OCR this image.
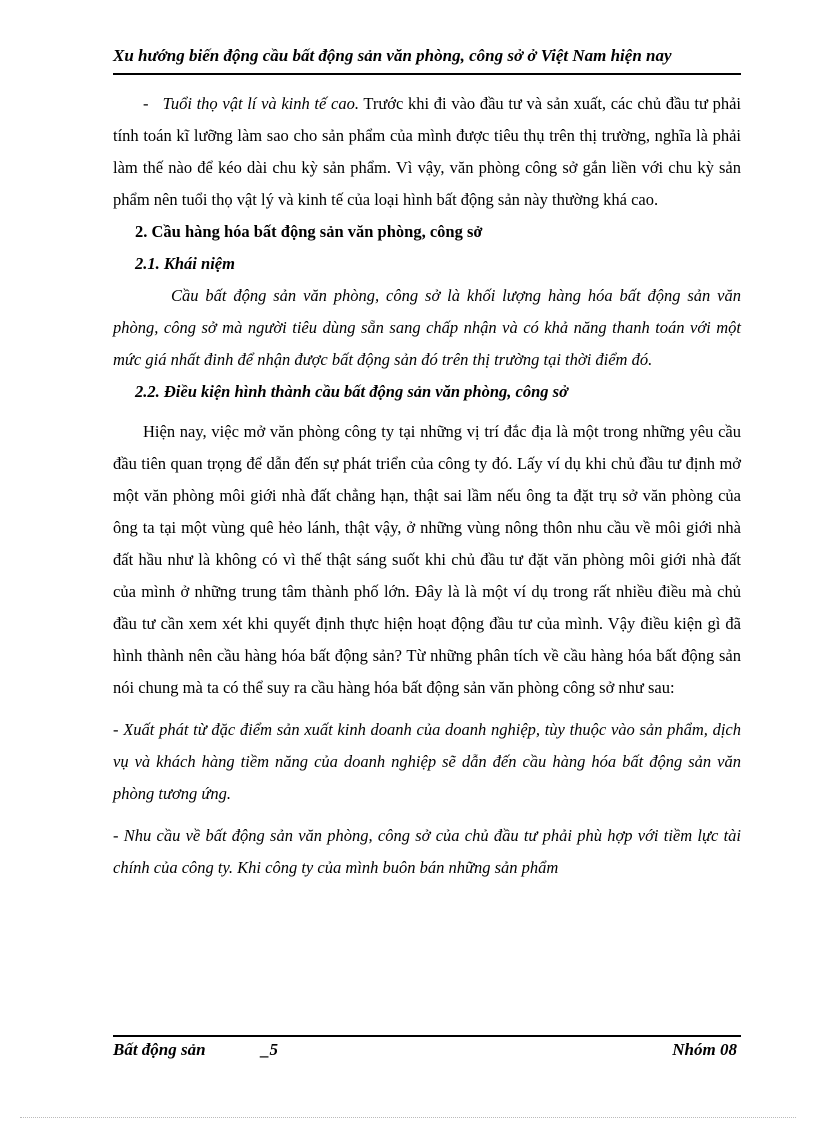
Xu hướng biến động cầu bất động sản văn phòng, công sở ở Việt Nam hiện nay

- Tuổi thọ vật lí và kinh tế cao. Trước khi đi vào đầu tư và sản xuất, các chủ đầu tư phải tính toán kĩ lưỡng làm sao cho sản phẩm của mình được tiêu thụ trên thị trường, nghĩa là phải làm thế nào để kéo dài chu kỳ sản phẩm. Vì vậy, văn phòng công sở gắn liền với chu kỳ sản phẩm nên tuổi thọ vật lý và kinh tế của loại hình bất động sản này thường khá cao.

2. Cầu hàng hóa bất động sản văn phòng, công sở

2.1. Khái niệm

Cầu bất động sản văn phòng, công sở là khối lượng hàng hóa bất động sản văn phòng, công sở mà người tiêu dùng sẵn sang chấp nhận và có khả năng thanh toán với một mức giá nhất đinh để nhận được bất động sản đó trên thị trường tại thời điểm đó.

2.2. Điều kiện hình thành cầu bất động sản văn phòng, công sở

Hiện nay, việc mở văn phòng công ty tại những vị trí đắc địa là một trong những yêu cầu đầu tiên quan trọng để dẫn đến sự phát triển của công ty đó. Lấy ví dụ khi chủ đầu tư định mở một văn phòng môi giới nhà đất chẳng hạn, thật sai lầm nếu ông ta đặt trụ sở văn phòng của ông ta tại một vùng quê hẻo lánh, thật vậy, ở những vùng nông thôn nhu cầu về môi giới nhà đất hầu như là không có vì thế thật sáng suốt khi chủ đầu tư đặt văn phòng môi giới nhà đất của mình ở những trung tâm thành phố lớn. Đây là là một ví dụ trong rất nhiều điều mà chủ đầu tư cần xem xét khi quyết định thực hiện hoạt động đầu tư của mình. Vậy điều kiện gì đã hình thành nên cầu hàng hóa bất động sản? Từ những phân tích về cầu hàng hóa bất động sản nói chung mà ta có thể suy ra cầu hàng hóa bất động sản văn phòng công sở như sau:

- Xuất phát từ đặc điểm sản xuất kinh doanh của doanh nghiệp, tùy thuộc vào sản phẩm, dịch vụ và khách hàng tiềm năng của doanh nghiệp sẽ dẫn đến cầu hàng hóa bất động sản văn phòng tương ứng.

- Nhu cầu về bất động sản văn phòng, công sở của chủ đầu tư phải phù hợp với tiềm lực tài chính của công ty. Khi công ty của mình buôn bán những sản phẩm

Bất động sản	_5	Nhóm 08
